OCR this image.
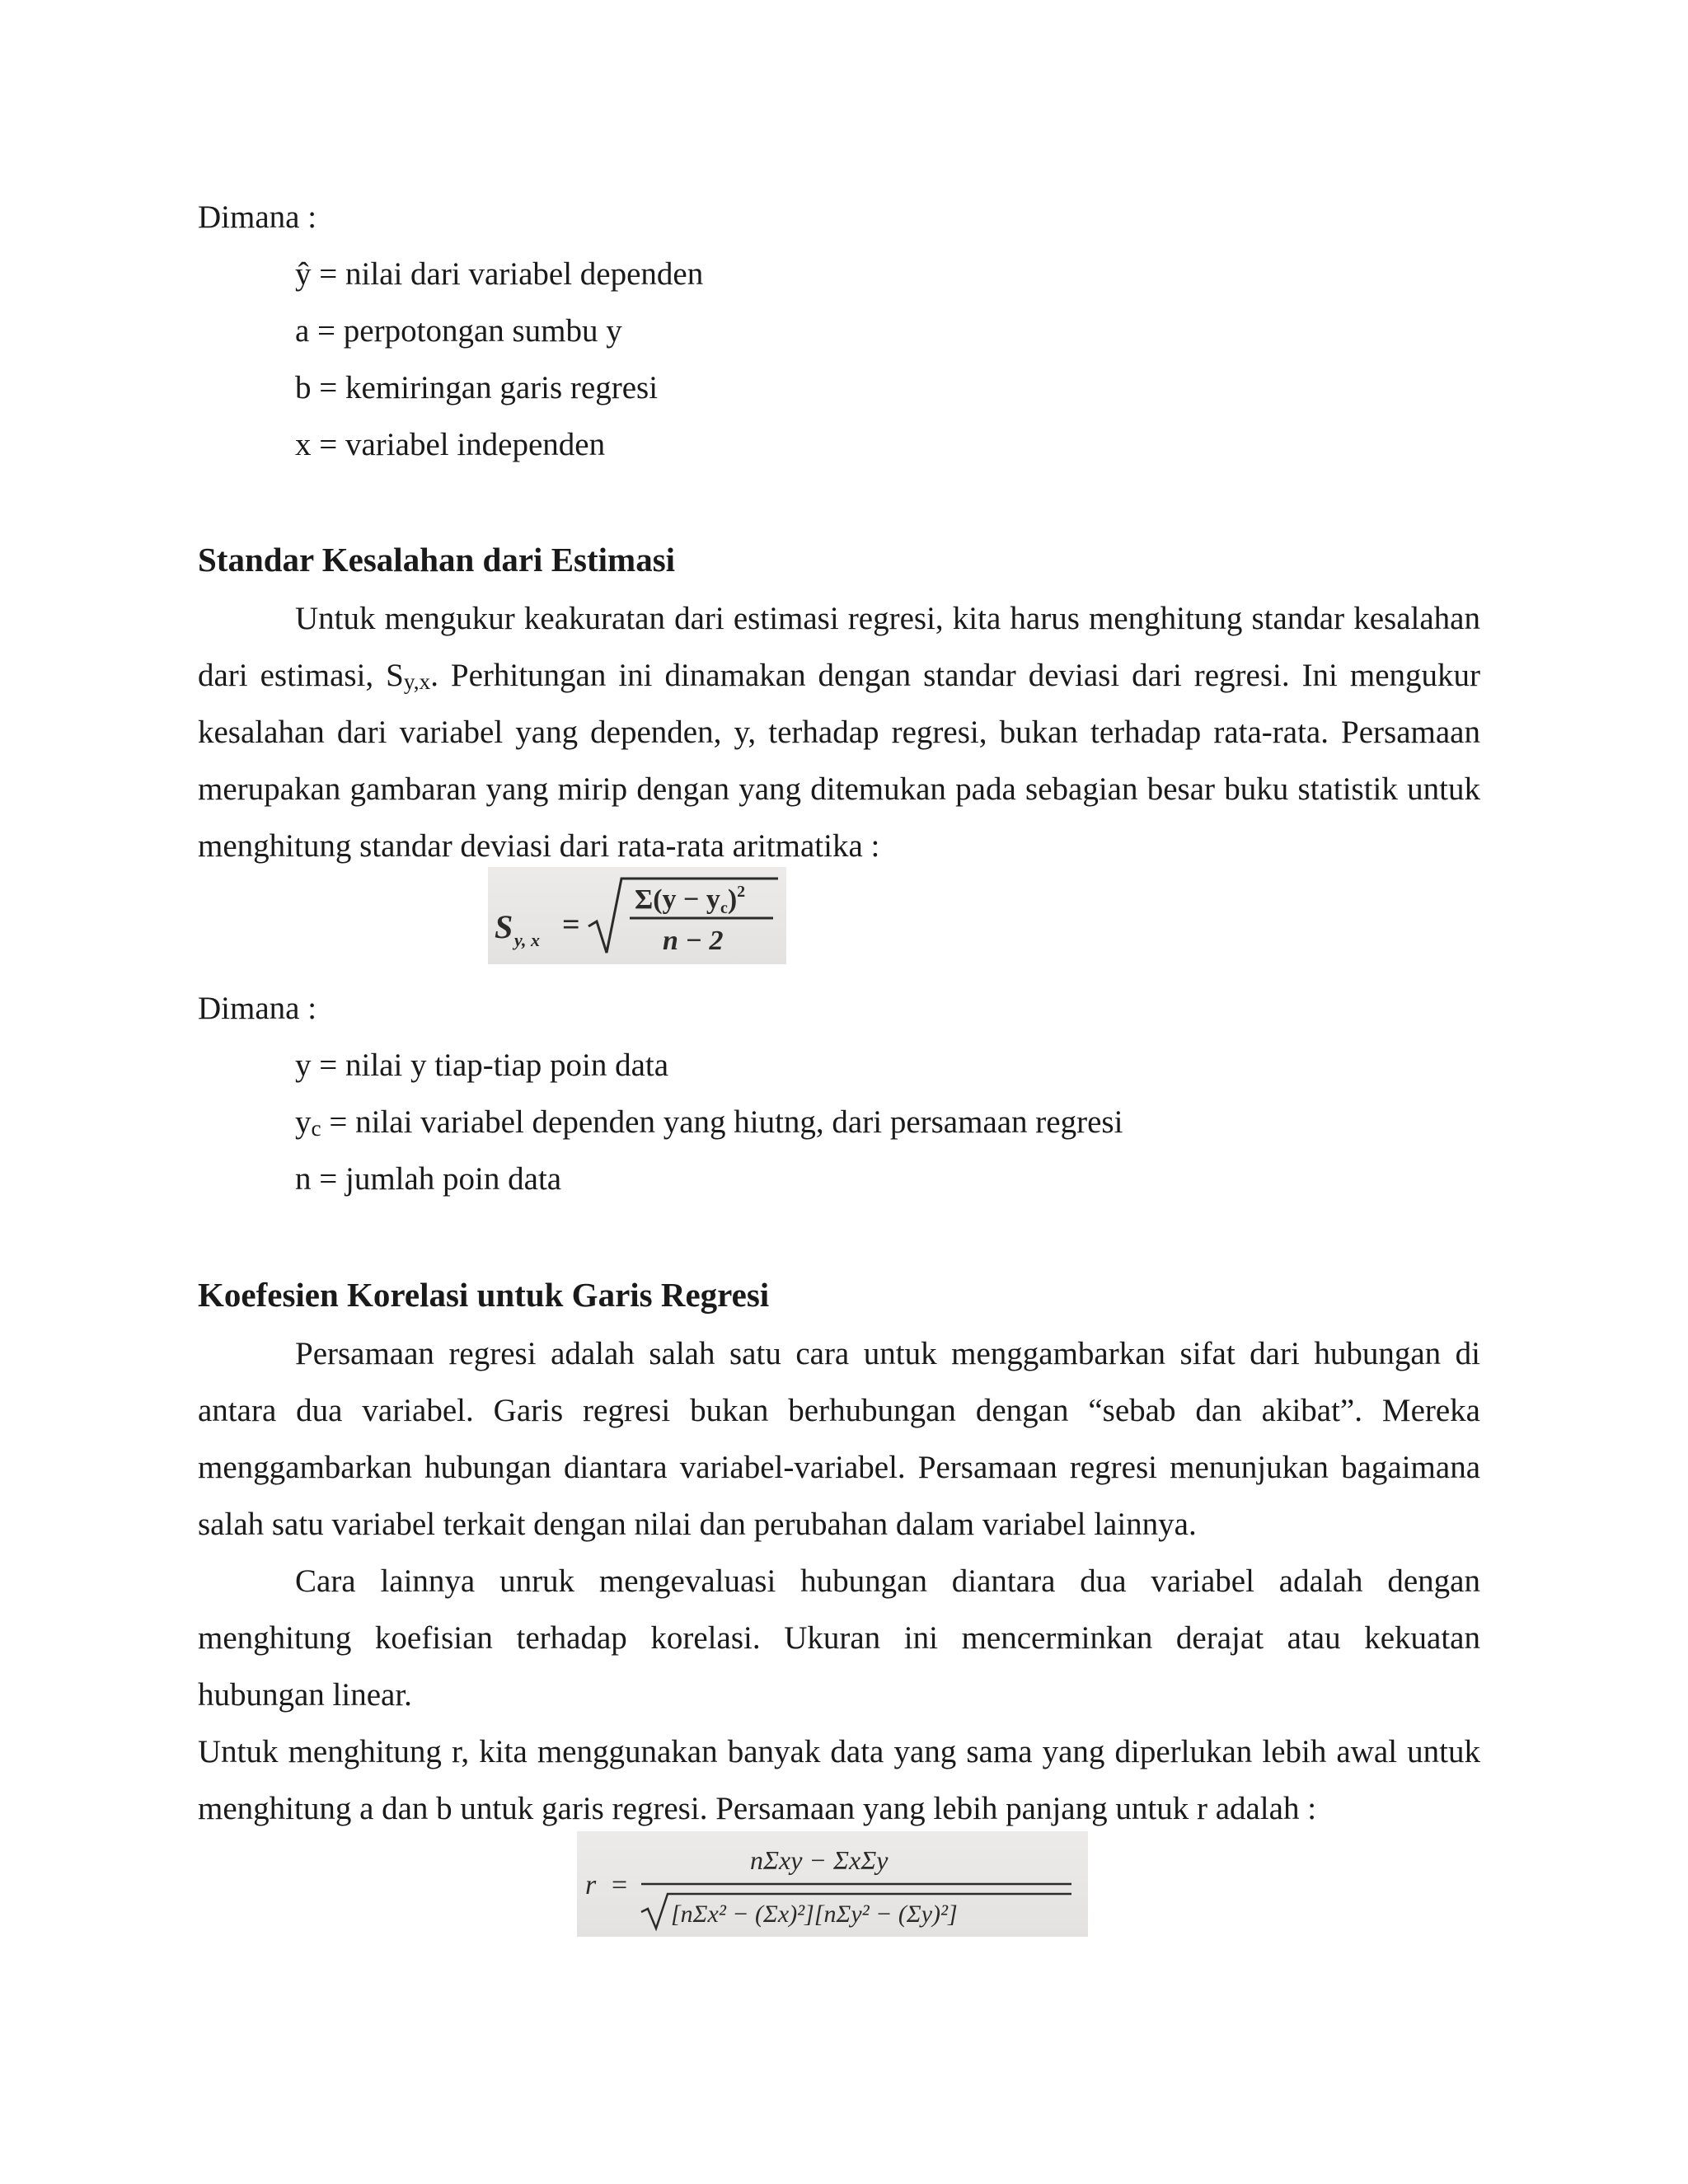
Dimana :
ŷ = nilai dari variabel dependen
a = perpotongan sumbu y
b = kemiringan garis regresi
x = variabel independen
Standar Kesalahan dari Estimasi
Untuk mengukur keakuratan dari estimasi regresi, kita harus menghitung standar kesalahan
dari estimasi, $S_{y,x}$. Perhitungan ini dinamakan dengan standar deviasi dari regresi. Ini mengukur
kesalahan dari variabel yang dependen, y, terhadap regresi, bukan terhadap rata-rata. Persamaan
merupakan gambaran yang mirip dengan yang ditemukan pada sebagian besar buku statistik untuk
menghitung standar deviasi dari rata-rata aritmatika :
S y, x =
Σ(y − yc)$^2$
n − 2
Dimana :
y = nilai y tiap-tiap poin data
$y_c$ = nilai variabel dependen yang hiutng, dari persamaan regresi
n = jumlah poin data
Koefesien Korelasi untuk Garis Regresi
Persamaan regresi adalah salah satu cara untuk menggambarkan sifat dari hubungan di
antara dua variabel. Garis regresi bukan berhubungan dengan “sebab dan akibat”. Mereka
menggambarkan hubungan diantara variabel-variabel. Persamaan regresi menunjukan bagaimana
salah satu variabel terkait dengan nilai dan perubahan dalam variabel lainnya.
Cara lainnya unruk mengevaluasi hubungan diantara dua variabel adalah dengan
menghitung koefisian terhadap korelasi. Ukuran ini mencerminkan derajat atau kekuatan
hubungan linear.
Untuk menghitung r, kita menggunakan banyak data yang sama yang diperlukan lebih awal untuk
menghitung a dan b untuk garis regresi. Persamaan yang lebih panjang untuk r adalah :
r =
nΣxy − ΣxΣy
[nΣx² − (Σx)²][nΣy² − (Σy)²]
